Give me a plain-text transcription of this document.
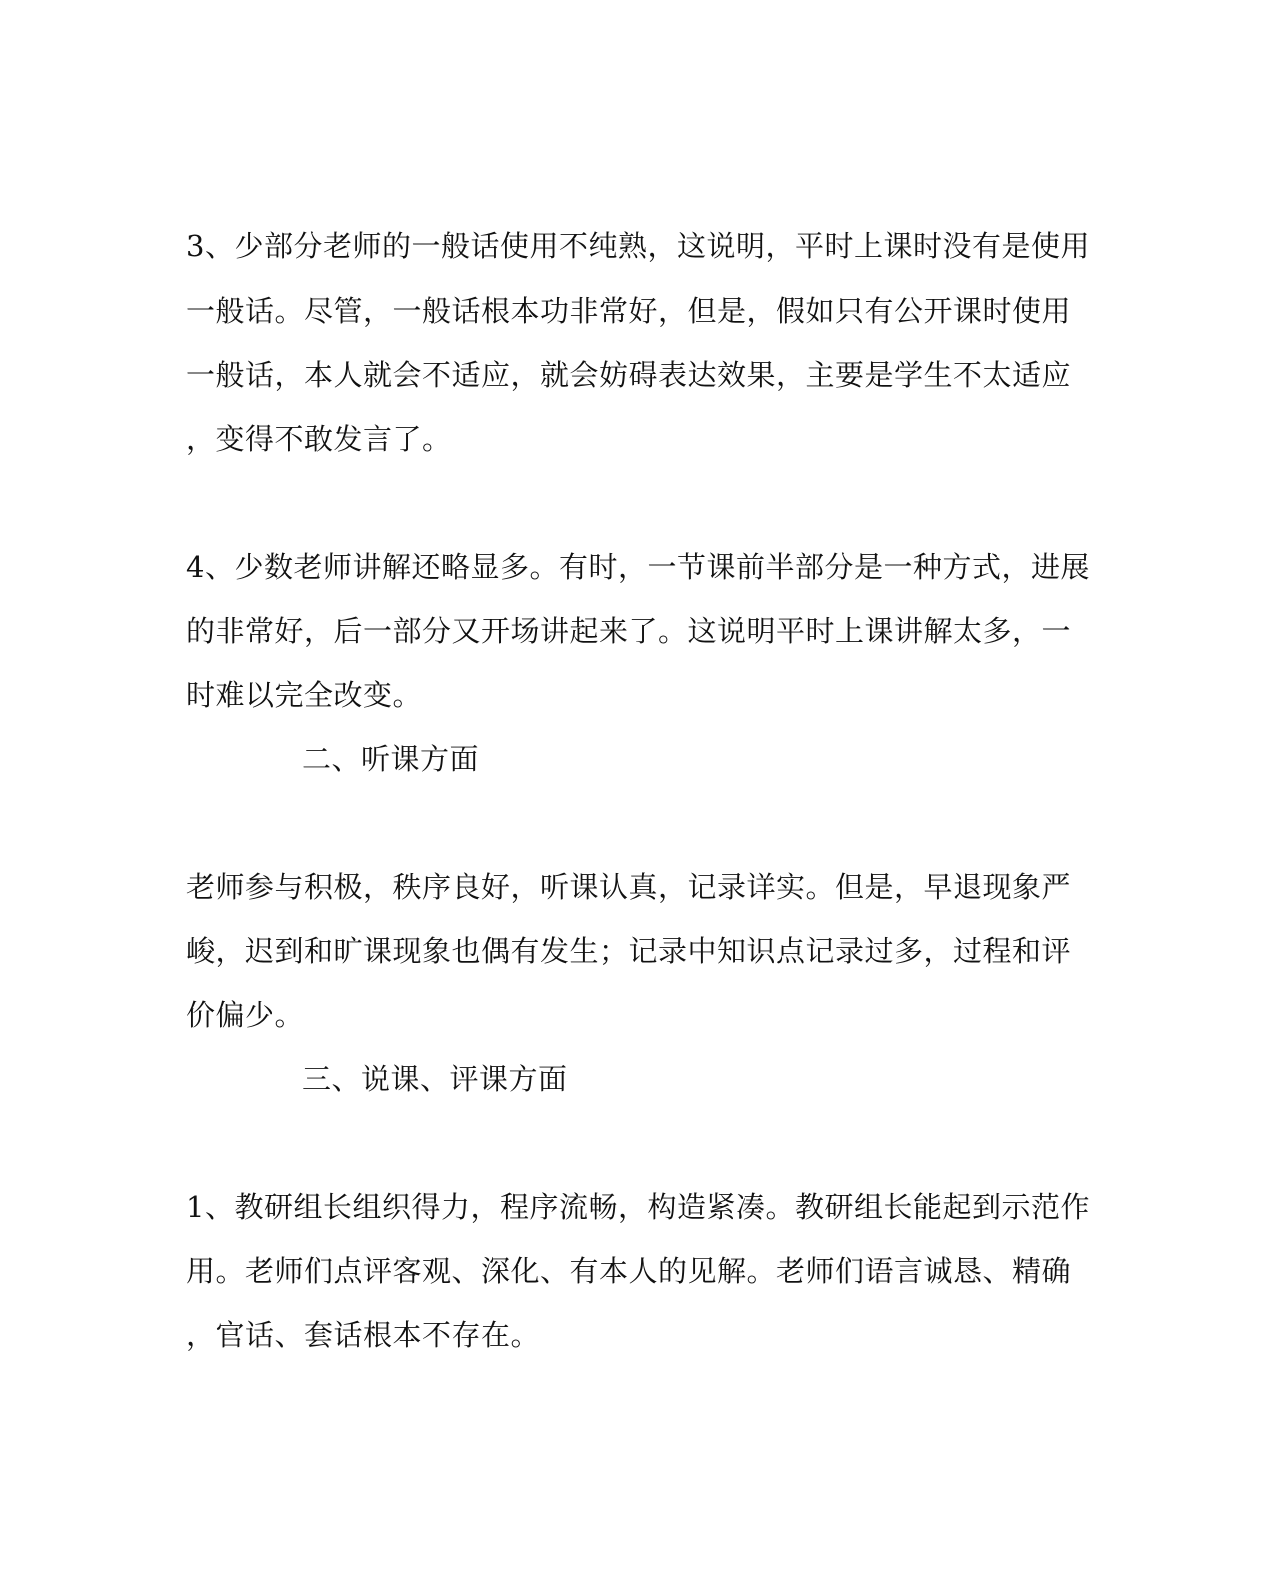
3、少部分老师的一般话使用不纯熟，这说明，平时上课时没有是使用
一般话。尽管，一般话根本功非常好，但是，假如只有公开课时使用
一般话，本人就会不适应，就会妨碍表达效果，主要是学生不太适应
，变得不敢发言了。
4、少数老师讲解还略显多。有时，一节课前半部分是一种方式，进展
的非常好，后一部分又开场讲起来了。这说明平时上课讲解太多，一
时难以完全改变。
二、听课方面
老师参与积极，秩序良好，听课认真，记录详实。但是，早退现象严
峻，迟到和旷课现象也偶有发生；记录中知识点记录过多，过程和评
价偏少。
三、说课、评课方面
1、教研组长组织得力，程序流畅，构造紧凑。教研组长能起到示范作
用。老师们点评客观、深化、有本人的见解。老师们语言诚恳、精确
，官话、套话根本不存在。
